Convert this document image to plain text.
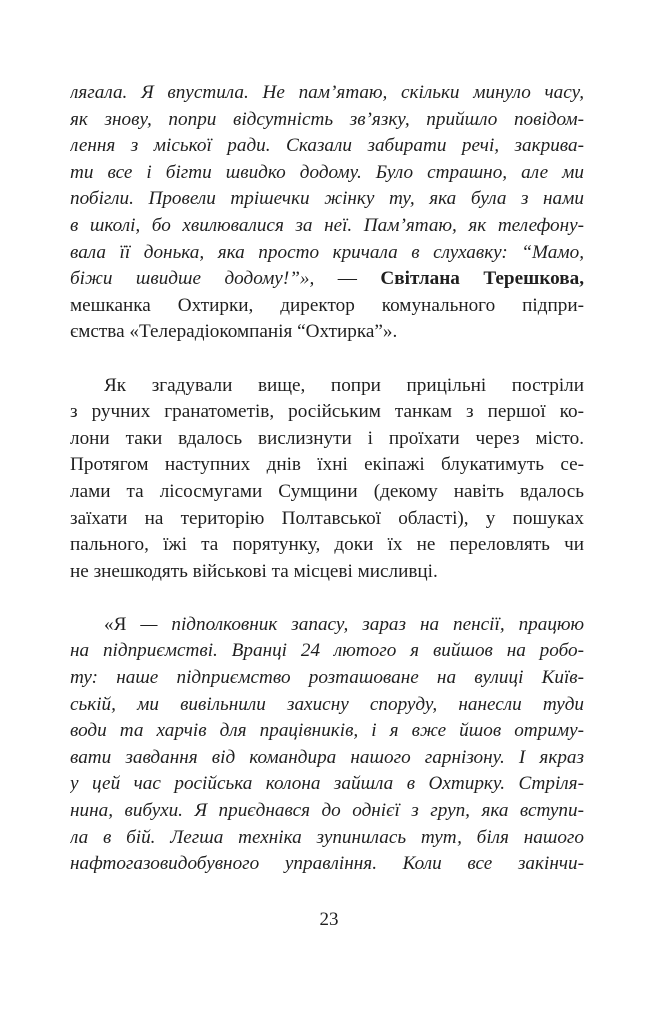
лягала. Я впустила. Не пам’ятаю, скільки минуло часу,
як знову, попри відсутність зв’язку, прийшло повідом-
лення з міської ради. Сказали забирати речі, закрива-
ти все і бігти швидко додому. Було страшно, але ми
побігли. Провели трішечки жінку ту, яка була з нами
в школі, бо хвилювалися за неї. Пам’ятаю, як телефону-
вала її донька, яка просто кричала в слухавку: “Мамо,
біжи швидше додому!”», — Світлана Терешкова,
мешканка Охтирки, директор комунального підпри-
ємства «Телерадіокомпанія “Охтирка”».
Як згадували вище, попри прицільні постріли
з ручних гранатометів, російським танкам з першої ко-
лони таки вдалось вислизнути і проїхати через місто.
Протягом наступних днів їхні екіпажі блукатимуть се-
лами та лісосмугами Сумщини (декому навіть вдалось
заїхати на територію Полтавської області), у пошуках
пального, їжі та порятунку, доки їх не переловлять чи
не знешкодять військові та місцеві мисливці.
«Я — підполковник запасу, зараз на пенсії, працюю
на підприємстві. Вранці 24 лютого я вийшов на робо-
ту: наше підприємство розташоване на вулиці Київ-
ській, ми вивільнили захисну споруду, нанесли туди
води та харчів для працівників, і я вже йшов отриму-
вати завдання від командира нашого гарнізону. І якраз
у цей час російська колона зайшла в Охтирку. Стріля-
нина, вибухи. Я приєднався до однієї з груп, яка вступи-
ла в бій. Легша техніка зупинилась тут, біля нашого
нафтогазовидобувного управління. Коли все закінчи-
23
